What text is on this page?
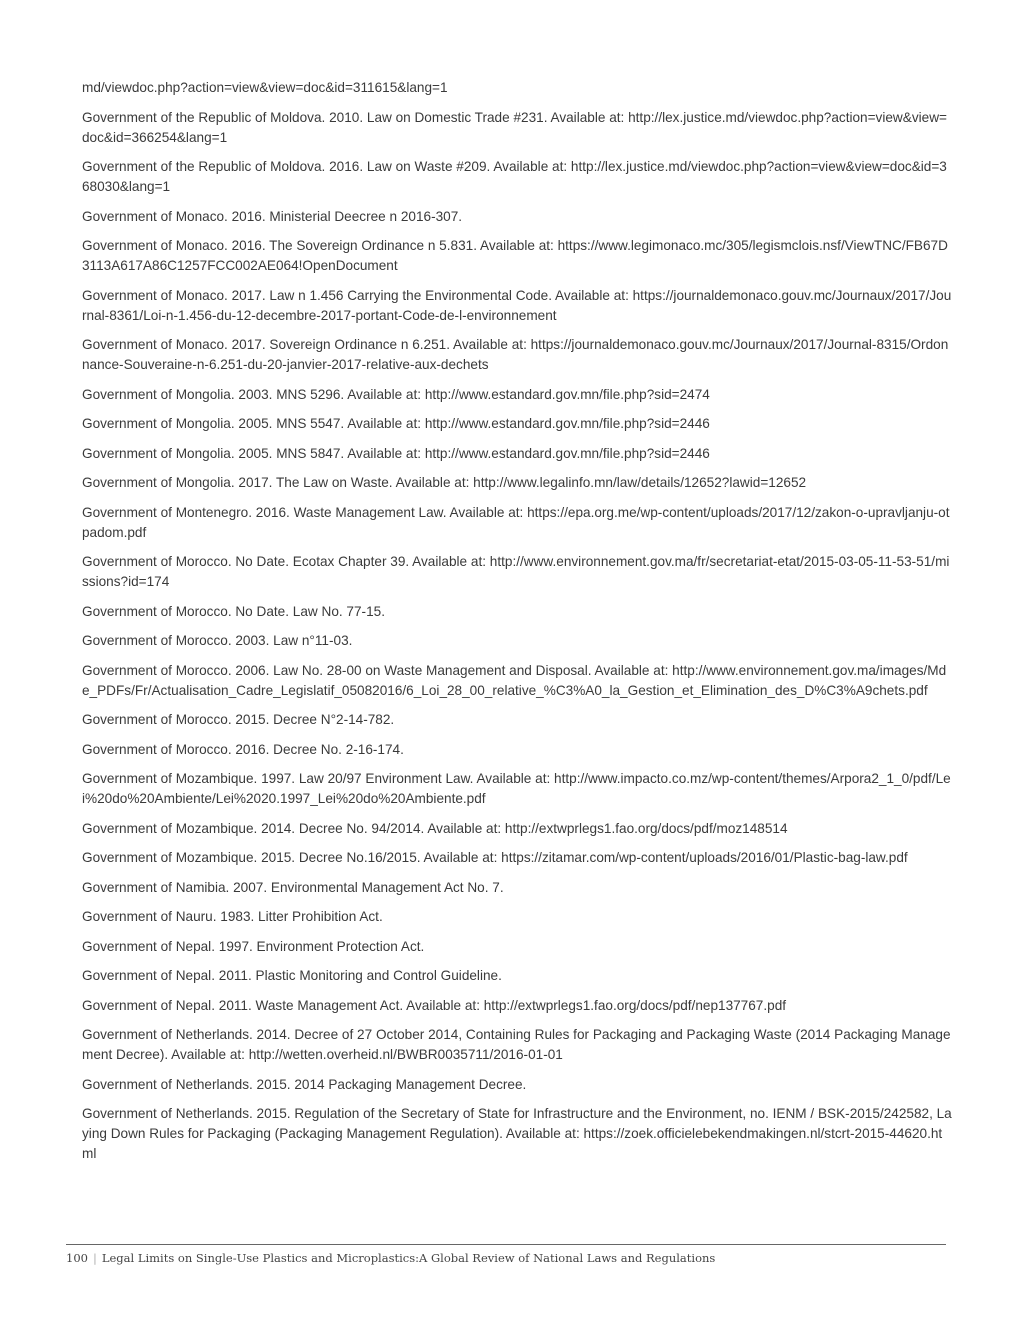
md/viewdoc.php?action=view&view=doc&id=311615&lang=1

Government of the Republic of Moldova. 2010. Law on Domestic Trade #231. Available at: http://lex.justice.md/viewdoc.php?action=view&view=doc&id=366254&lang=1

Government of the Republic of Moldova. 2016. Law on Waste #209. Available at: http://lex.justice.md/viewdoc.php?action=view&view=doc&id=368030&lang=1

Government of Monaco. 2016. Ministerial Deecree n 2016-307.

Government of Monaco. 2016. The Sovereign Ordinance n 5.831. Available at: https://www.legimonaco.mc/305/legismclois.nsf/ViewTNC/FB67D3113A617A86C1257FCC002AE064!OpenDocument

Government of Monaco. 2017. Law n 1.456 Carrying the Environmental Code. Available at: https://journaldemonaco.gouv.mc/Journaux/2017/Journal-8361/Loi-n-1.456-du-12-decembre-2017-portant-Code-de-l-environnement

Government of Monaco. 2017. Sovereign Ordinance n 6.251. Available at: https://journaldemonaco.gouv.mc/Journaux/2017/Journal-8315/Ordonnance-Souveraine-n-6.251-du-20-janvier-2017-relative-aux-dechets

Government of Mongolia. 2003. MNS 5296. Available at: http://www.estandard.gov.mn/file.php?sid=2474

Government of Mongolia. 2005. MNS 5547. Available at: http://www.estandard.gov.mn/file.php?sid=2446

Government of Mongolia. 2005. MNS 5847. Available at: http://www.estandard.gov.mn/file.php?sid=2446

Government of Mongolia. 2017. The Law on Waste. Available at: http://www.legalinfo.mn/law/details/12652?lawid=12652

Government of Montenegro. 2016. Waste Management Law. Available at: https://epa.org.me/wp-content/uploads/2017/12/zakon-o-upravljanju-otpadom.pdf

Government of Morocco. No Date. Ecotax Chapter 39. Available at: http://www.environnement.gov.ma/fr/secretariat-etat/2015-03-05-11-53-51/missions?id=174

Government of Morocco. No Date. Law No. 77-15.

Government of Morocco. 2003. Law n°11-03.

Government of Morocco. 2006. Law No. 28-00 on Waste Management and Disposal. Available at: http://www.environnement.gov.ma/images/Mde_PDFs/Fr/Actualisation_Cadre_Legislatif_05082016/6_Loi_28_00_relative_%C3%A0_la_Gestion_et_Elimination_des_D%C3%A9chets.pdf

Government of Morocco. 2015. Decree N°2-14-782.

Government of Morocco. 2016. Decree No. 2-16-174.

Government of Mozambique. 1997. Law 20/97 Environment Law. Available at: http://www.impacto.co.mz/wp-content/themes/Arpora2_1_0/pdf/Lei%20do%20Ambiente/Lei%2020.1997_Lei%20do%20Ambiente.pdf

Government of Mozambique. 2014. Decree No. 94/2014. Available at: http://extwprlegs1.fao.org/docs/pdf/moz148514

Government of Mozambique. 2015. Decree No.16/2015. Available at: https://zitamar.com/wp-content/uploads/2016/01/Plastic-bag-law.pdf

Government of Namibia. 2007. Environmental Management Act No. 7.

Government of Nauru. 1983. Litter Prohibition Act.

Government of Nepal. 1997. Environment Protection Act.

Government of Nepal. 2011. Plastic Monitoring and Control Guideline.

Government of Nepal. 2011. Waste Management Act. Available at: http://extwprlegs1.fao.org/docs/pdf/nep137767.pdf

Government of Netherlands. 2014. Decree of 27 October 2014, Containing Rules for Packaging and Packaging Waste (2014 Packaging Management Decree). Available at: http://wetten.overheid.nl/BWBR0035711/2016-01-01

Government of Netherlands. 2015. 2014 Packaging Management Decree.

Government of Netherlands. 2015. Regulation of the Secretary of State for Infrastructure and the Environment, no. IENM / BSK-2015/242582, Laying Down Rules for Packaging (Packaging Management Regulation). Available at: https://zoek.officielebekendmakingen.nl/stcrt-2015-44620.html

100 | Legal Limits on Single-Use Plastics and Microplastics:A Global Review of National Laws and Regulations
